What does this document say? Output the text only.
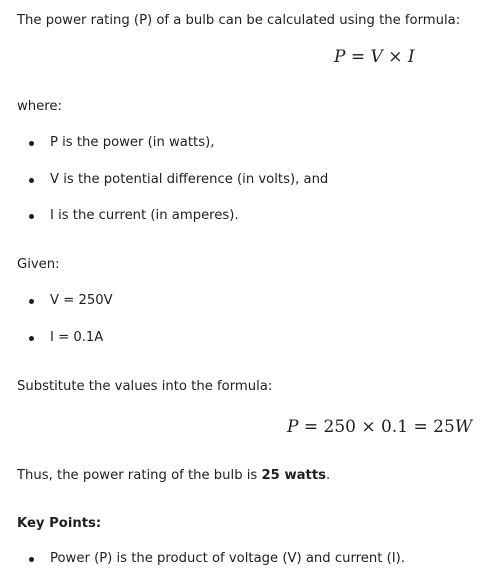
The power rating (P) of a bulb can be calculated using the formula:
P = V × I
where:
P is the power (in watts),
V is the potential difference (in volts), and
I is the current (in amperes).
Given:
V = 250V
I = 0.1A
Substitute the values into the formula:
P = 250 × 0.1 = 25W
Thus, the power rating of the bulb is 25 watts.
Key Points:
Power (P) is the product of voltage (V) and current (I).
